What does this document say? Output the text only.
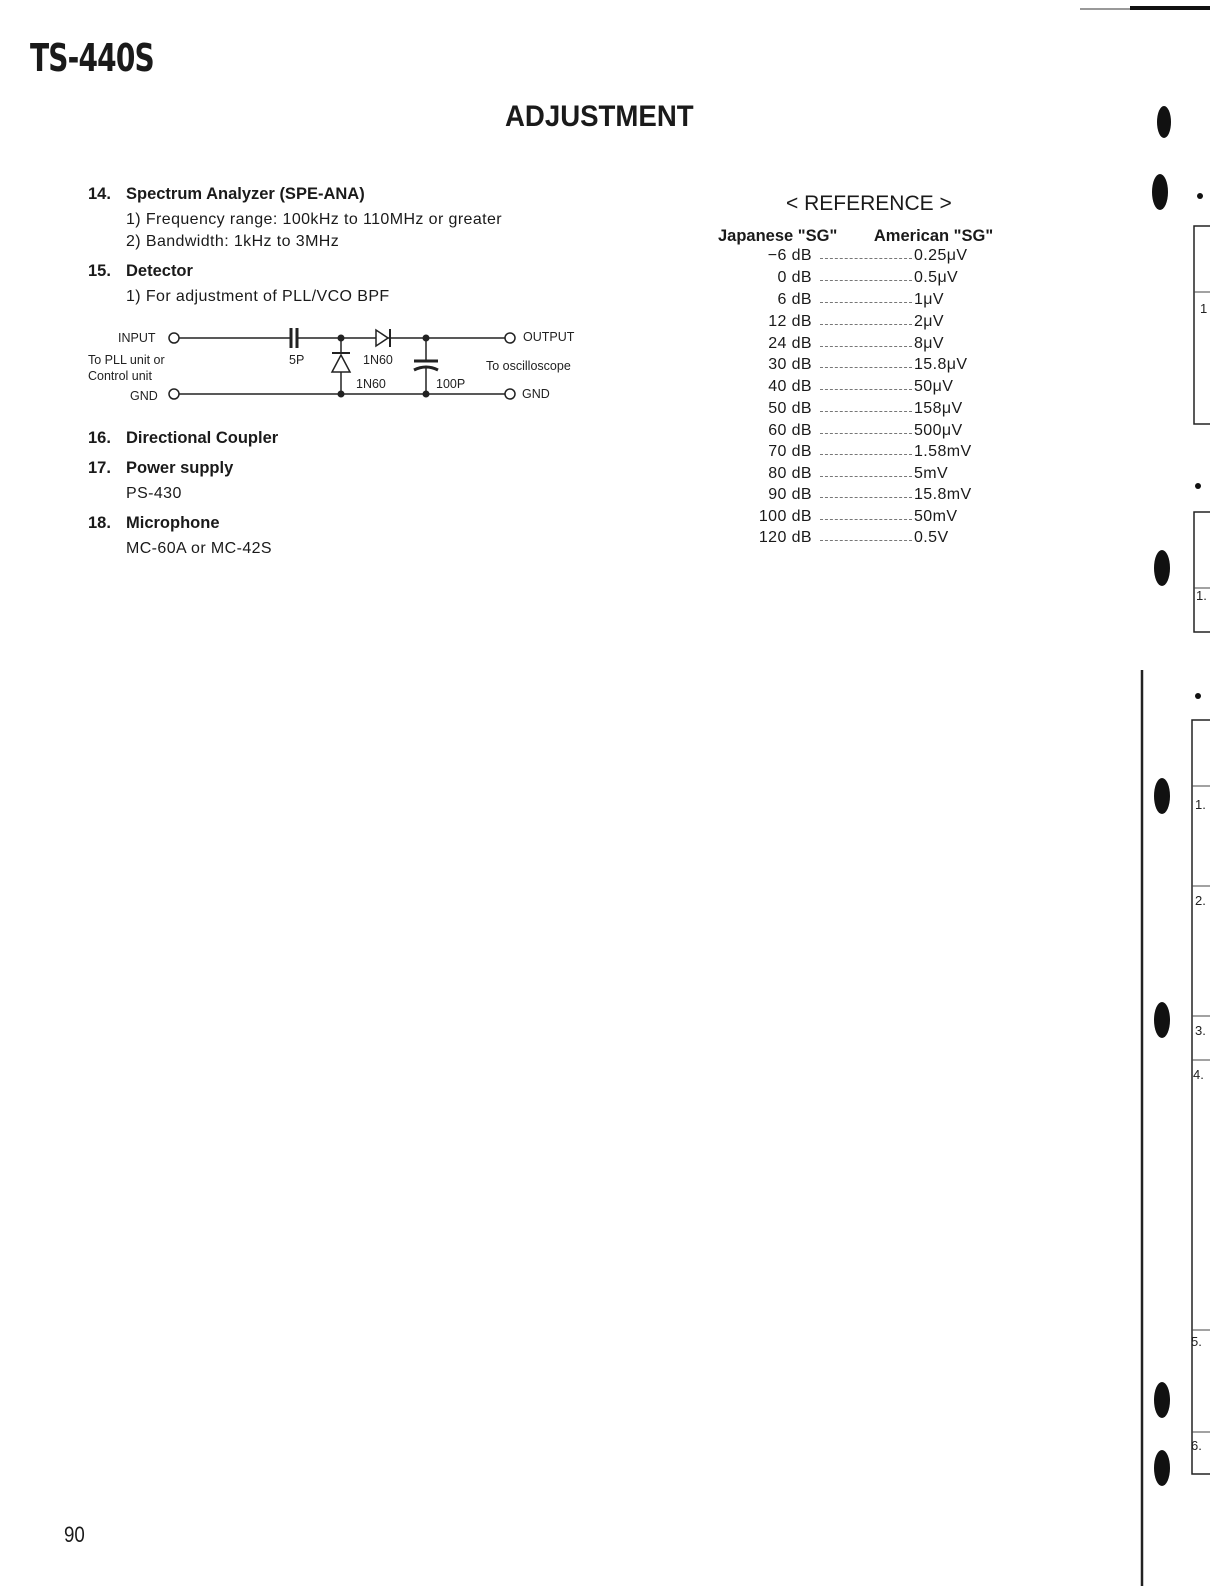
TS-440S
ADJUSTMENT
14. Spectrum Analyzer (SPE-ANA)
1) Frequency range: 100kHz to 110MHz or greater
2) Bandwidth: 1kHz to 3MHz
15. Detector
1) For adjustment of PLL/VCO BPF
INPUT
To PLL unit or
Control unit
GND
5P	1N60
1N60	100P
OUTPUT
To oscilloscope
GND
16. Directional Coupler
17. Power supply
PS-430
18. Microphone
MC-60A or MC-42S
< REFERENCE >
Japanese "SG" American "SG"
−6 dB	0.25μV
0 dB	0.5μV
6 dB	1μV
12 dB	2μV
24 dB	8μV
30 dB	15.8μV
40 dB	50μV
50 dB	158μV
60 dB	500μV
70 dB	1.58mV
80 dB	5mV
90 dB	15.8mV
100 dB	50mV
120 dB	0.5V
1
1.
1.
2.
3.
4.
5.
6.
90
